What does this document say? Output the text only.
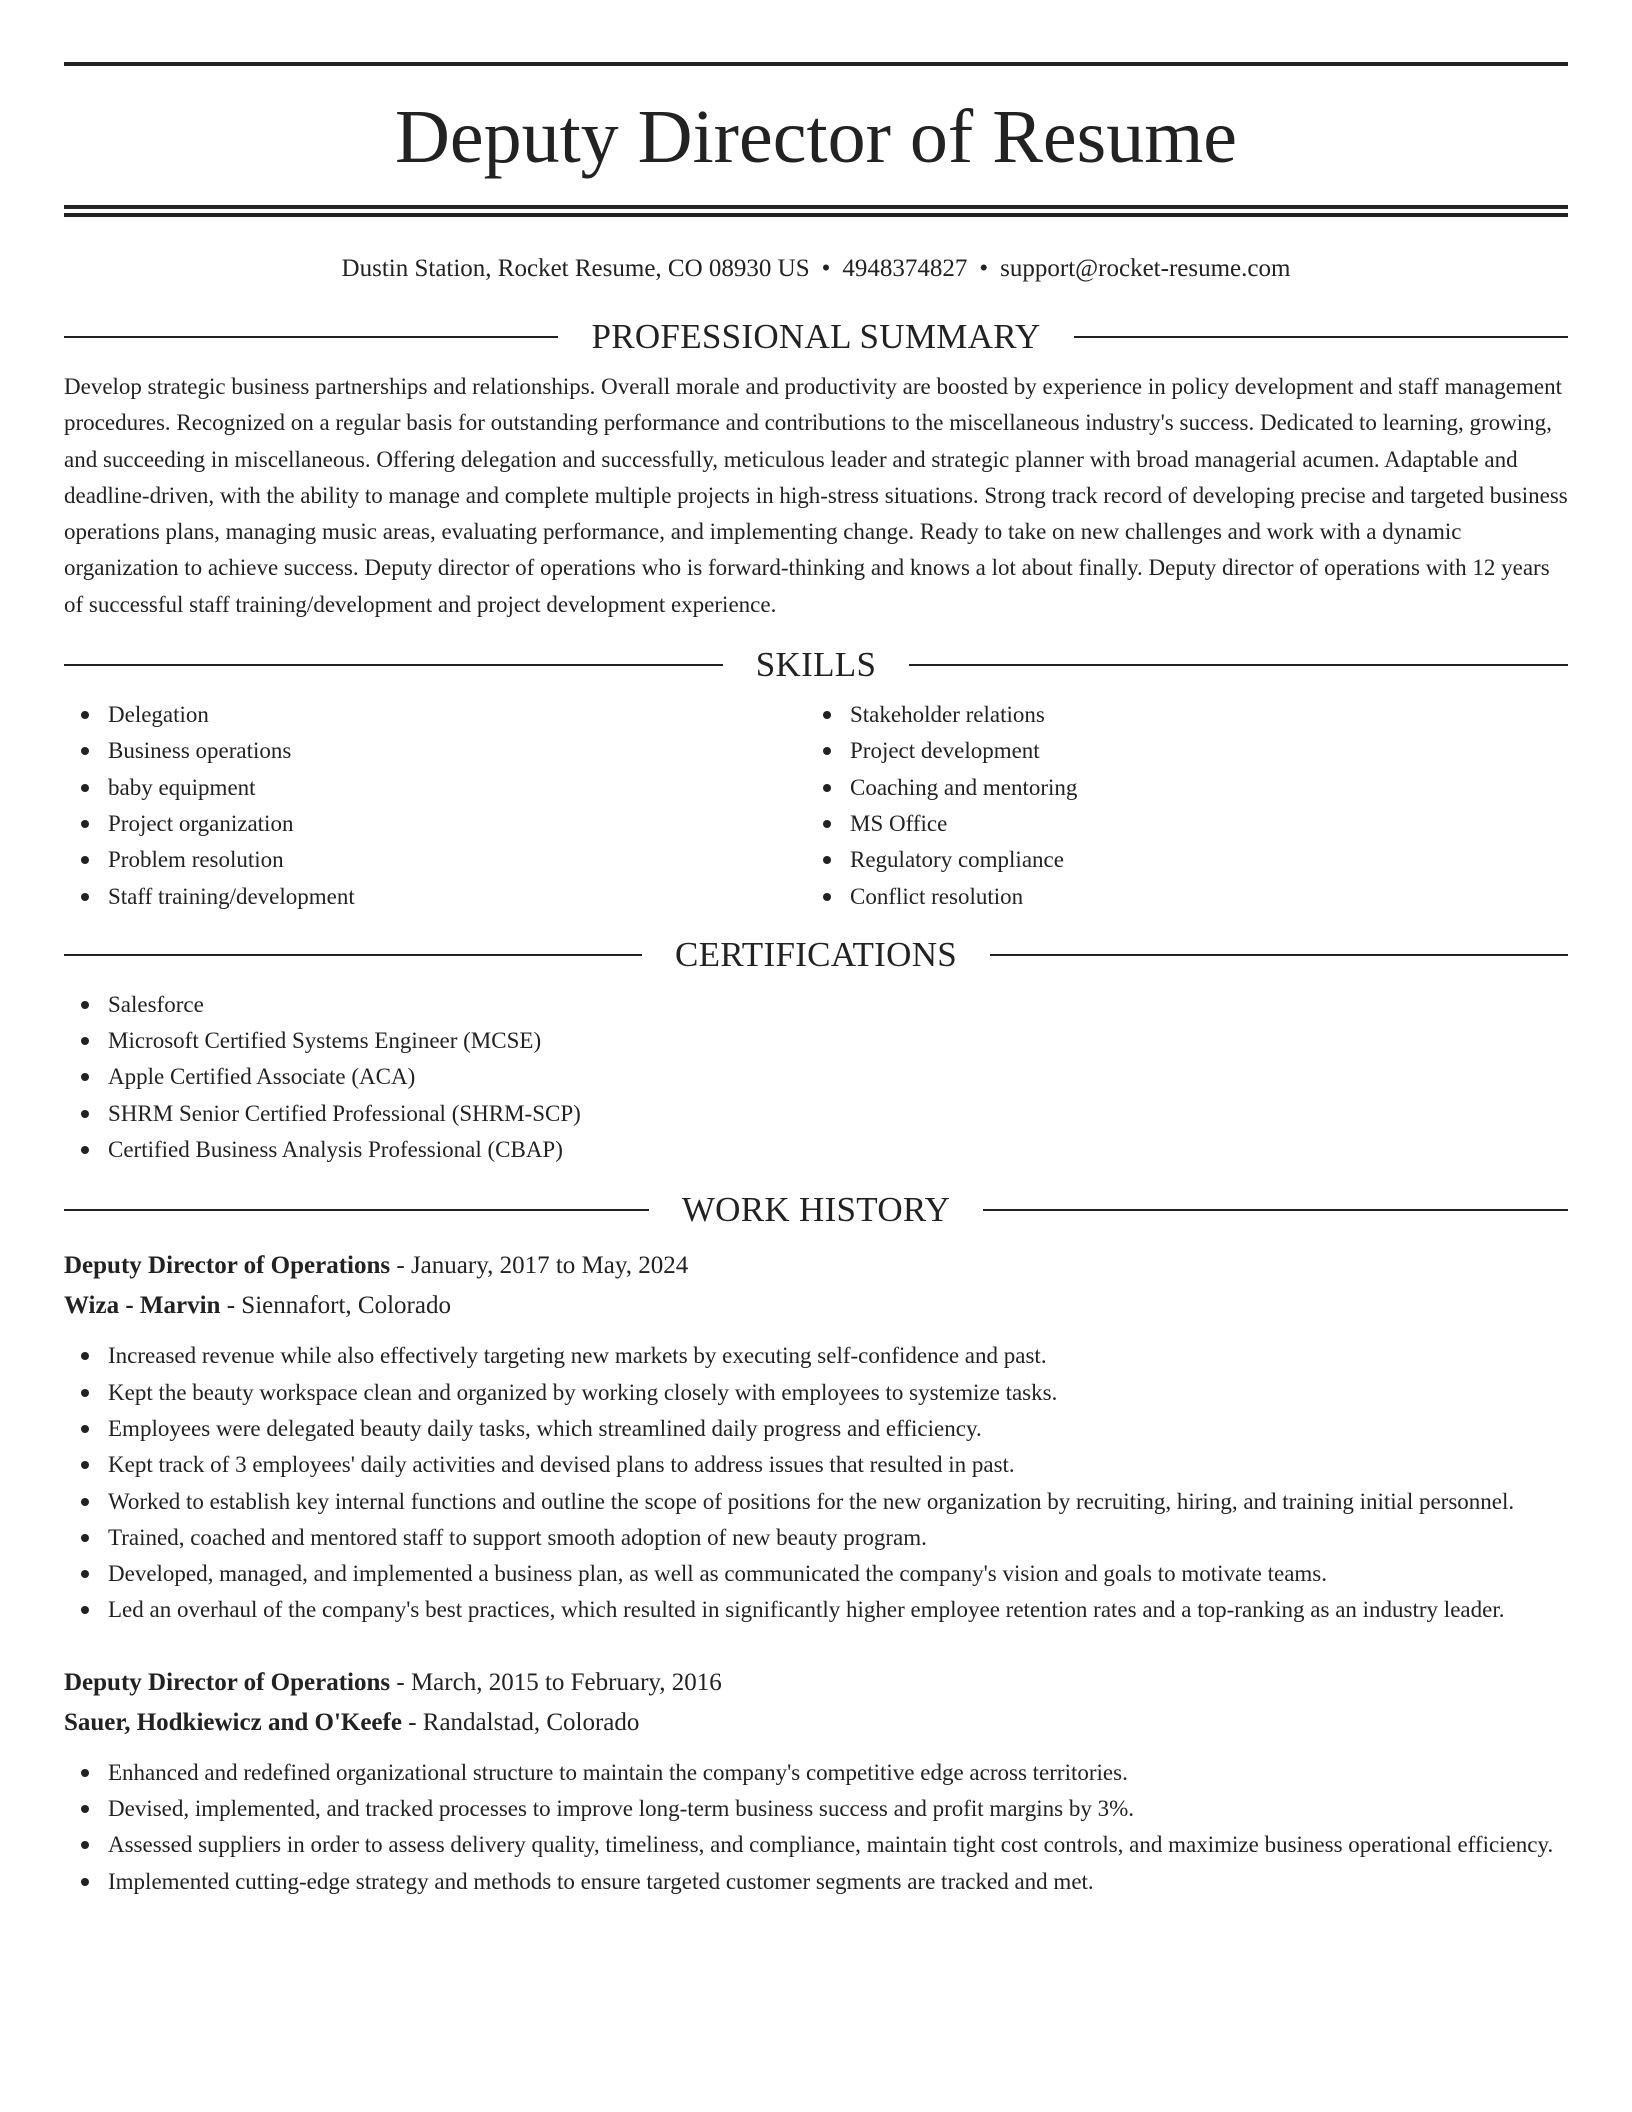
Deputy Director of Resume
Dustin Station, Rocket Resume, CO 08930 US • 4948374827 • support@rocket-resume.com
PROFESSIONAL SUMMARY

Develop strategic business partnerships and relationships. Overall morale and productivity are boosted by experience in policy development and staff management procedures. Recognized on a regular basis for outstanding performance and contributions to the miscellaneous industry's success. Dedicated to learning, growing, and succeeding in miscellaneous. Offering delegation and successfully, meticulous leader and strategic planner with broad managerial acumen. Adaptable and deadline-driven, with the ability to manage and complete multiple projects in high-stress situations. Strong track record of developing precise and targeted business operations plans, managing music areas, evaluating performance, and implementing change. Ready to take on new challenges and work with a dynamic organization to achieve success. Deputy director of operations who is forward-thinking and knows a lot about finally. Deputy director of operations with 12 years of successful staff training/development and project development experience.

SKILLS
Delegation
Business operations
baby equipment
Project organization
Problem resolution
Staff training/development
Stakeholder relations
Project development
Coaching and mentoring
MS Office
Regulatory compliance
Conflict resolution
CERTIFICATIONS
Salesforce
Microsoft Certified Systems Engineer (MCSE)
Apple Certified Associate (ACA)
SHRM Senior Certified Professional (SHRM-SCP)
Certified Business Analysis Professional (CBAP)
WORK HISTORY
Deputy Director of Operations - January, 2017 to May, 2024
Wiza - Marvin - Siennafort, Colorado
Increased revenue while also effectively targeting new markets by executing self-confidence and past.
Kept the beauty workspace clean and organized by working closely with employees to systemize tasks.
Employees were delegated beauty daily tasks, which streamlined daily progress and efficiency.
Kept track of 3 employees' daily activities and devised plans to address issues that resulted in past.
Worked to establish key internal functions and outline the scope of positions for the new organization by recruiting, hiring, and training initial personnel.
Trained, coached and mentored staff to support smooth adoption of new beauty program.
Developed, managed, and implemented a business plan, as well as communicated the company's vision and goals to motivate teams.
Led an overhaul of the company's best practices, which resulted in significantly higher employee retention rates and a top-ranking as an industry leader.
Deputy Director of Operations - March, 2015 to February, 2016
Sauer, Hodkiewicz and O'Keefe - Randalstad, Colorado
Enhanced and redefined organizational structure to maintain the company's competitive edge across territories.
Devised, implemented, and tracked processes to improve long-term business success and profit margins by 3%.
Assessed suppliers in order to assess delivery quality, timeliness, and compliance, maintain tight cost controls, and maximize business operational efficiency.
Implemented cutting-edge strategy and methods to ensure targeted customer segments are tracked and met.
